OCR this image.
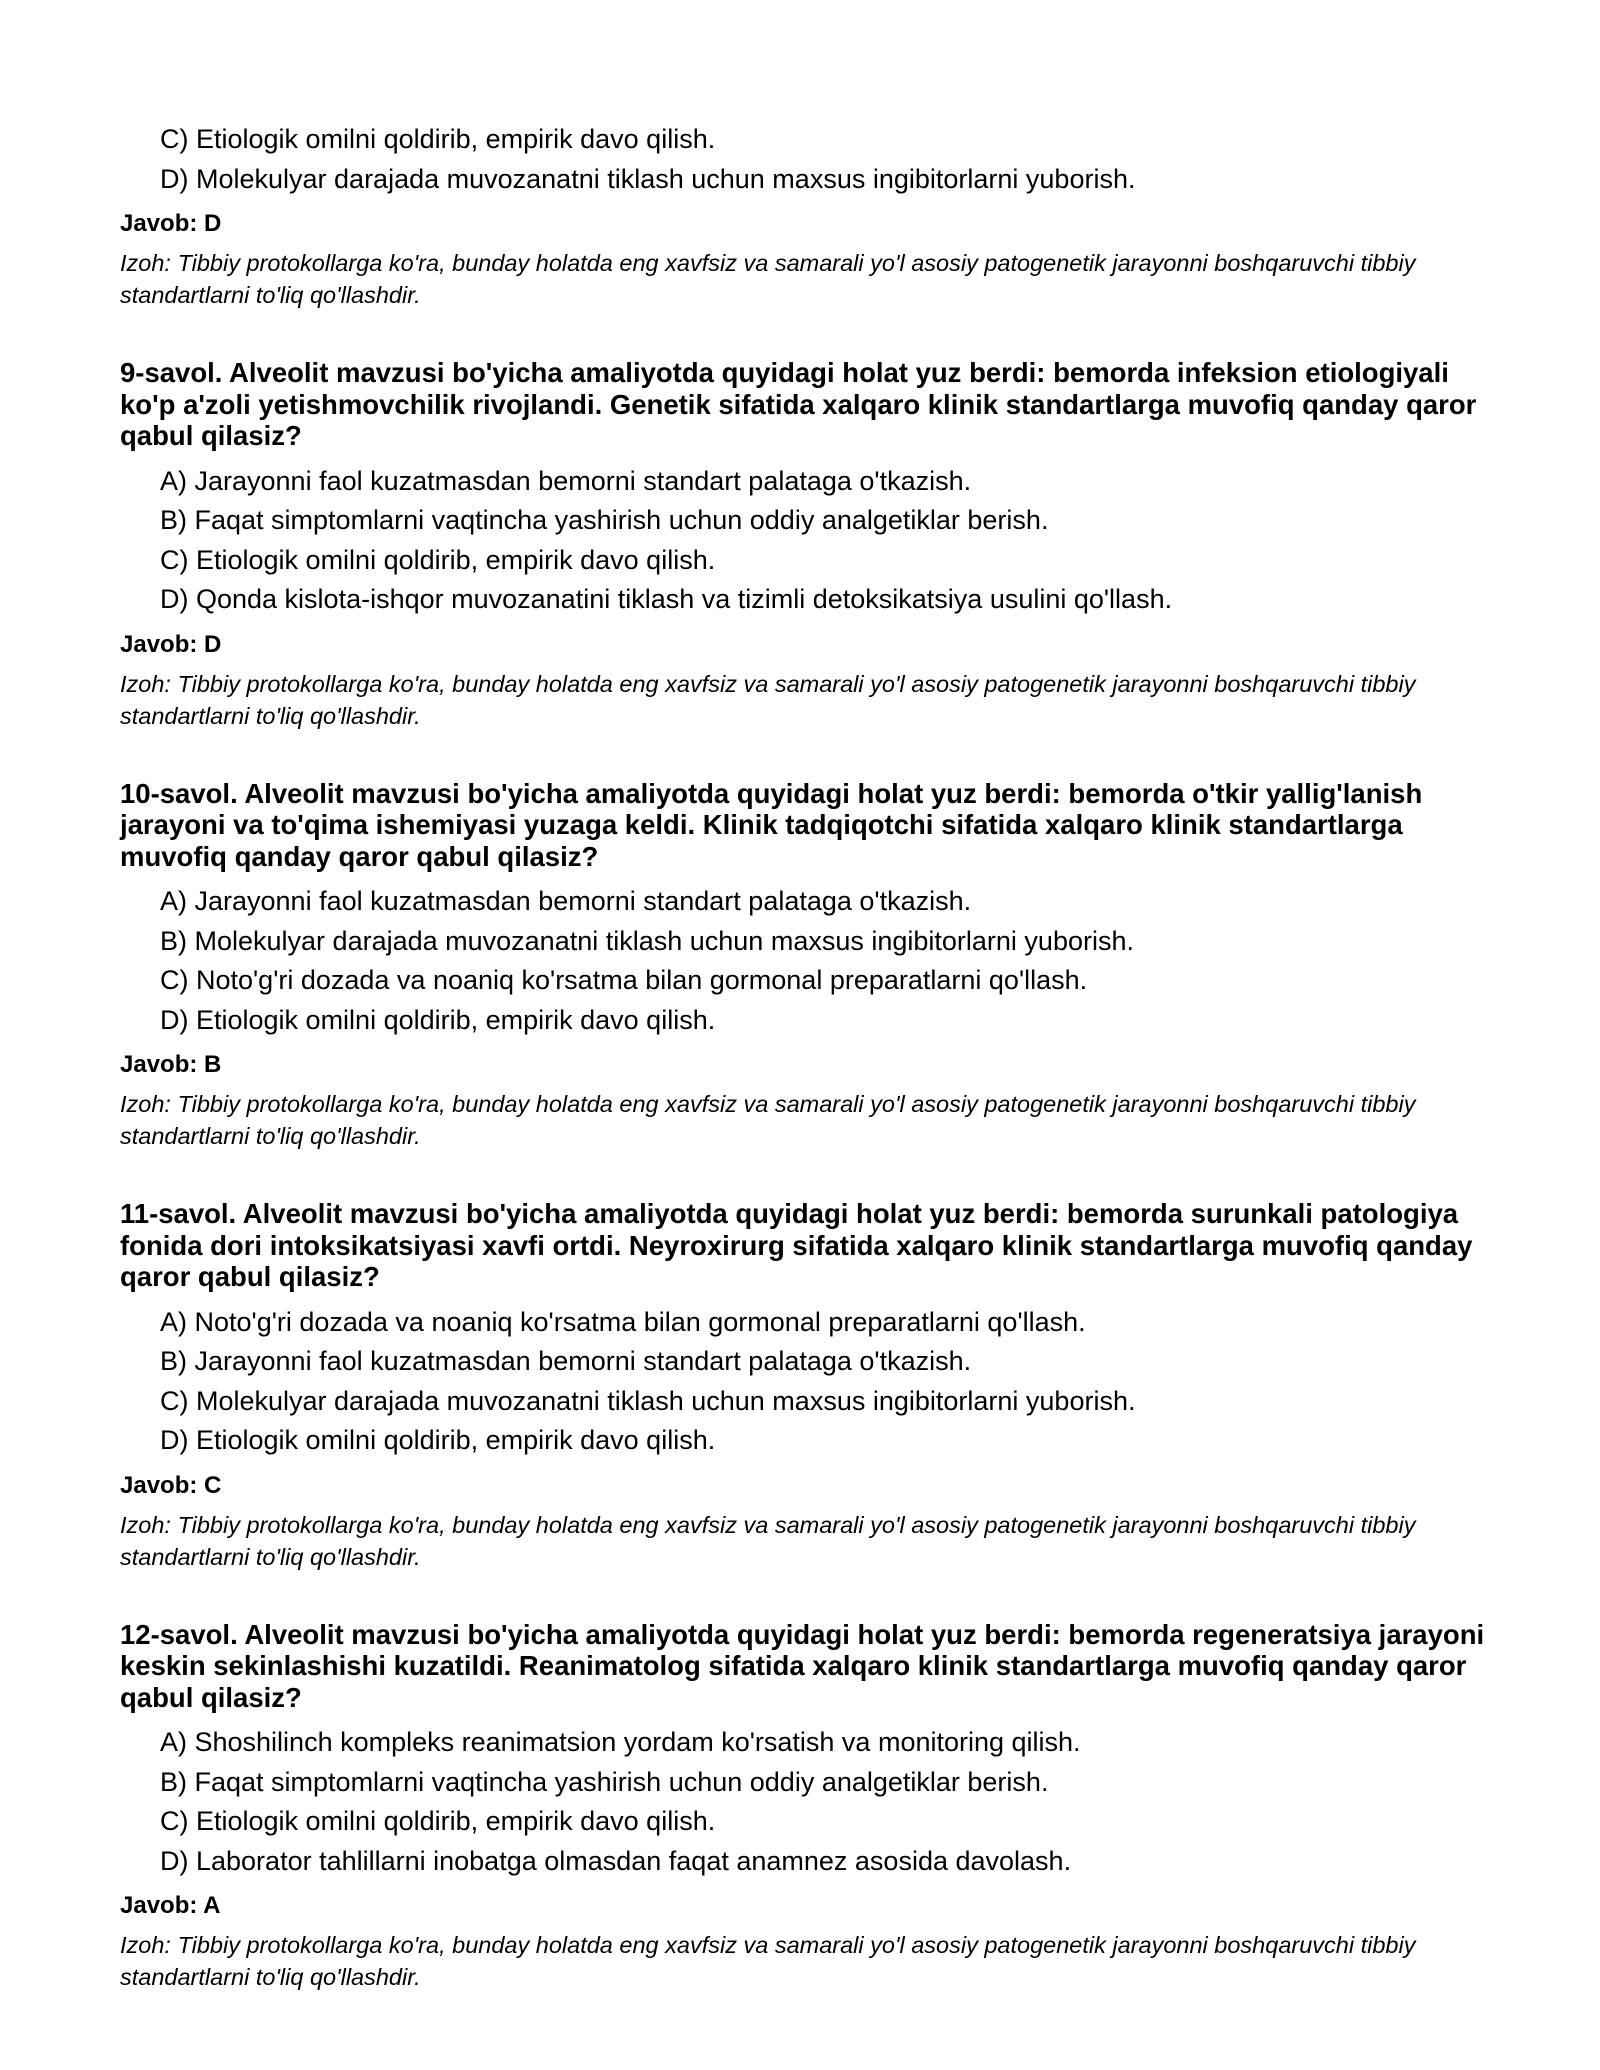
C) Etiologik omilni qoldirib, empirik davo qilish.
D) Molekulyar darajada muvozanatni tiklash uchun maxsus ingibitorlarni yuborish.
Javob: D
Izoh: Tibbiy protokollarga ko'ra, bunday holatda eng xavfsiz va samarali yo'l asosiy patogenetik jarayonni boshqaruvchi tibbiy standartlarni to'liq qo'llashdir.
9-savol. Alveolit mavzusi bo'yicha amaliyotda quyidagi holat yuz berdi: bemorda infeksion etiologiyali ko'p a'zoli yetishmovchilik rivojlandi. Genetik sifatida xalqaro klinik standartlarga muvofiq qanday qaror qabul qilasiz?
A) Jarayonni faol kuzatmasdan bemorni standart palataga o'tkazish.
B) Faqat simptomlarni vaqtincha yashirish uchun oddiy analgetiklar berish.
C) Etiologik omilni qoldirib, empirik davo qilish.
D) Qonda kislota-ishqor muvozanatini tiklash va tizimli detoksikatsiya usulini qo'llash.
Javob: D
Izoh: Tibbiy protokollarga ko'ra, bunday holatda eng xavfsiz va samarali yo'l asosiy patogenetik jarayonni boshqaruvchi tibbiy standartlarni to'liq qo'llashdir.
10-savol. Alveolit mavzusi bo'yicha amaliyotda quyidagi holat yuz berdi: bemorda o'tkir yallig'lanish jarayoni va to'qima ishemiyasi yuzaga keldi. Klinik tadqiqotchi sifatida xalqaro klinik standartlarga muvofiq qanday qaror qabul qilasiz?
A) Jarayonni faol kuzatmasdan bemorni standart palataga o'tkazish.
B) Molekulyar darajada muvozanatni tiklash uchun maxsus ingibitorlarni yuborish.
C) Noto'g'ri dozada va noaniq ko'rsatma bilan gormonal preparatlarni qo'llash.
D) Etiologik omilni qoldirib, empirik davo qilish.
Javob: B
Izoh: Tibbiy protokollarga ko'ra, bunday holatda eng xavfsiz va samarali yo'l asosiy patogenetik jarayonni boshqaruvchi tibbiy standartlarni to'liq qo'llashdir.
11-savol. Alveolit mavzusi bo'yicha amaliyotda quyidagi holat yuz berdi: bemorda surunkali patologiya fonida dori intoksikatsiyasi xavfi ortdi. Neyroxirurg sifatida xalqaro klinik standartlarga muvofiq qanday qaror qabul qilasiz?
A) Noto'g'ri dozada va noaniq ko'rsatma bilan gormonal preparatlarni qo'llash.
B) Jarayonni faol kuzatmasdan bemorni standart palataga o'tkazish.
C) Molekulyar darajada muvozanatni tiklash uchun maxsus ingibitorlarni yuborish.
D) Etiologik omilni qoldirib, empirik davo qilish.
Javob: C
Izoh: Tibbiy protokollarga ko'ra, bunday holatda eng xavfsiz va samarali yo'l asosiy patogenetik jarayonni boshqaruvchi tibbiy standartlarni to'liq qo'llashdir.
12-savol. Alveolit mavzusi bo'yicha amaliyotda quyidagi holat yuz berdi: bemorda regeneratsiya jarayoni keskin sekinlashishi kuzatildi. Reanimatolog sifatida xalqaro klinik standartlarga muvofiq qanday qaror qabul qilasiz?
A) Shoshilinch kompleks reanimatsion yordam ko'rsatish va monitoring qilish.
B) Faqat simptomlarni vaqtincha yashirish uchun oddiy analgetiklar berish.
C) Etiologik omilni qoldirib, empirik davo qilish.
D) Laborator tahlillarni inobatga olmasdan faqat anamnez asosida davolash.
Javob: A
Izoh: Tibbiy protokollarga ko'ra, bunday holatda eng xavfsiz va samarali yo'l asosiy patogenetik jarayonni boshqaruvchi tibbiy standartlarni to'liq qo'llashdir.
